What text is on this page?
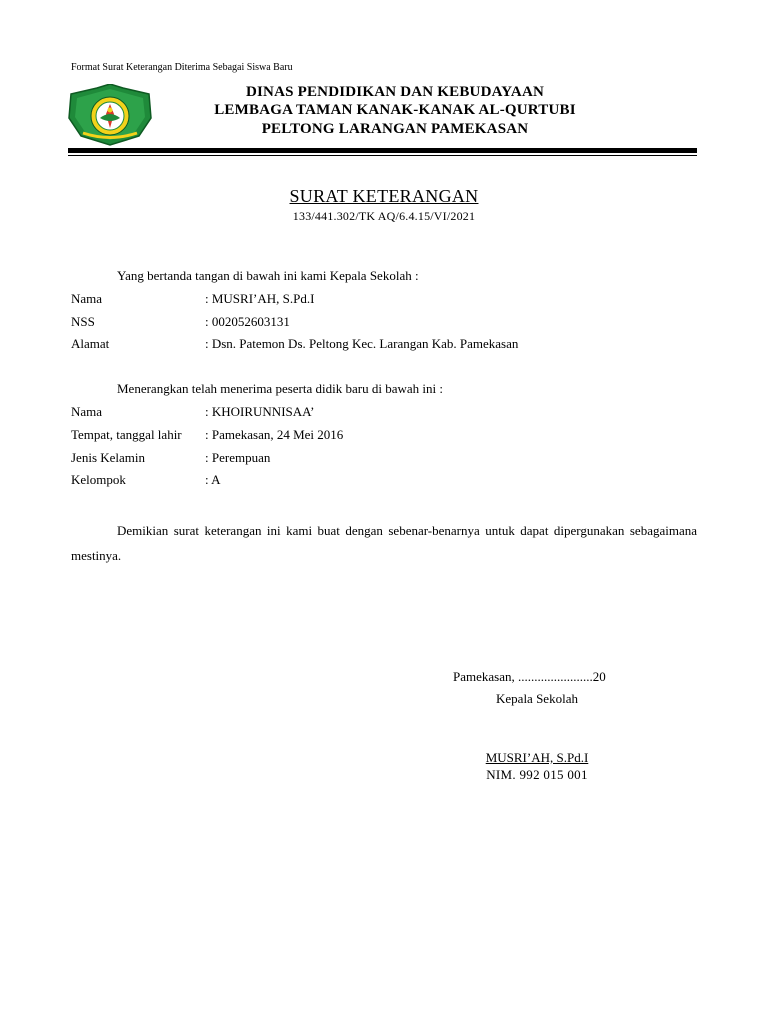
Format Surat Keterangan Diterima Sebagai Siswa Baru
DINAS PENDIDIKAN DAN KEBUDAYAAN
LEMBAGA TAMAN KANAK-KANAK AL-QURTUBI
PELTONG LARANGAN PAMEKASAN
SURAT KETERANGAN
133/441.302/TK AQ/6.4.15/VI/2021
Yang bertanda tangan di bawah ini kami Kepala Sekolah :
Nama	: MUSRI’AH, S.Pd.I
NSS	: 002052603131
Alamat	: Dsn. Patemon Ds. Peltong Kec. Larangan Kab. Pamekasan
Menerangkan telah menerima peserta didik baru di bawah ini :
Nama	: KHOIRUNNISAA’
Tempat, tanggal lahir : Pamekasan, 24 Mei 2016
Jenis Kelamin	: Perempuan
Kelompok	: A
Demikian surat keterangan ini kami buat dengan sebenar-benarnya untuk dapat dipergunakan sebagaimana mestinya.
Pamekasan, .......................20
Kepala Sekolah
MUSRI’AH, S.Pd.I
NIM. 992 015 001
